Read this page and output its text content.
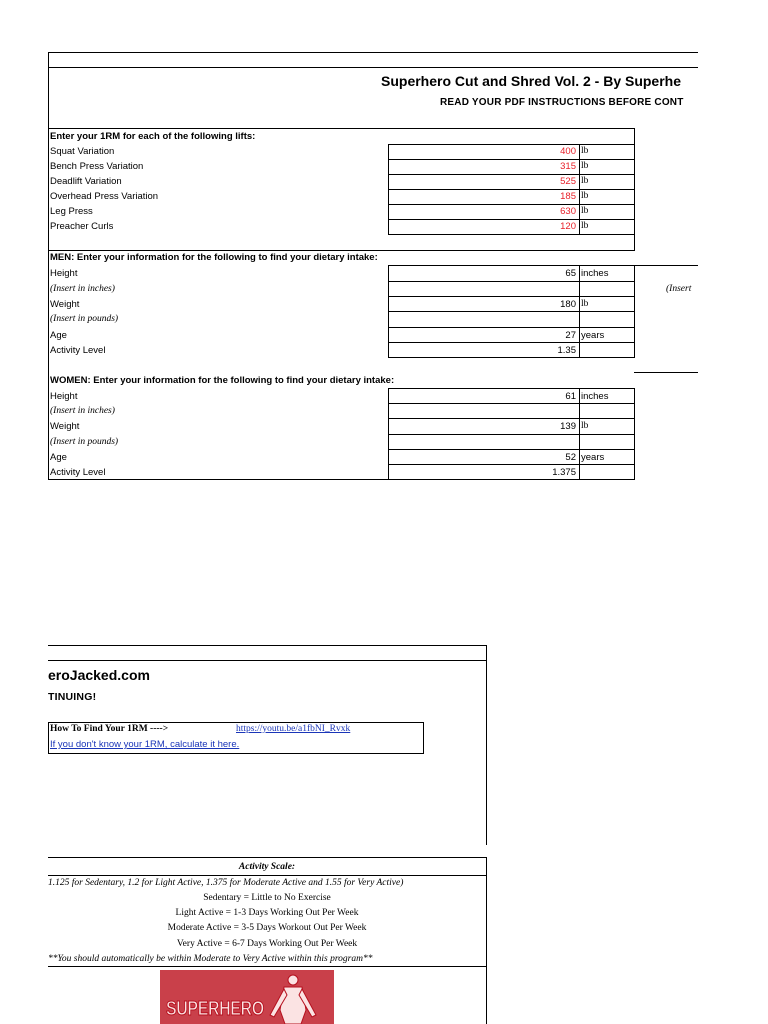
Superhero Cut and Shred Vol. 2 - By Superhe
READ YOUR PDF INSTRUCTIONS BEFORE CONT
Enter your 1RM for each of the following lifts:
Squat Variation	400 lb
Bench Press Variation	315 lb
Deadlift Variation	525 lb
Overhead Press Variation	185 lb
Leg Press	630 lb
Preacher Curls	120 lb
MEN: Enter your information for the following to find your dietary intake:
Height	65 inches
(Insert in inches)	(Insert
Weight	180 lb
(Insert in pounds)
Age	27 years
Activity Level	1.35
WOMEN: Enter your information for the following to find your dietary intake:
Height	61 inches
(Insert in inches)
Weight	139 lb
(Insert in pounds)
Age	52 years
Activity Level	1.375
eroJacked.com
TINUING!
How To Find Your 1RM ---->	https://youtu.be/a1fbNI_Rvxk
If you don't know your 1RM, calculate it here.
Activity Scale:
1.125 for Sedentary, 1.2 for Light Active, 1.375 for Moderate Active and 1.55 for Very Active)
Sedentary = Little to No Exercise
Light Active = 1-3 Days Working Out Per Week
Moderate Active = 3-5 Days Workout Out Per Week
Very Active = 6-7 Days Working Out Per Week
**You should automatically be within Moderate to Very Active within this program**
SUPERHERO
